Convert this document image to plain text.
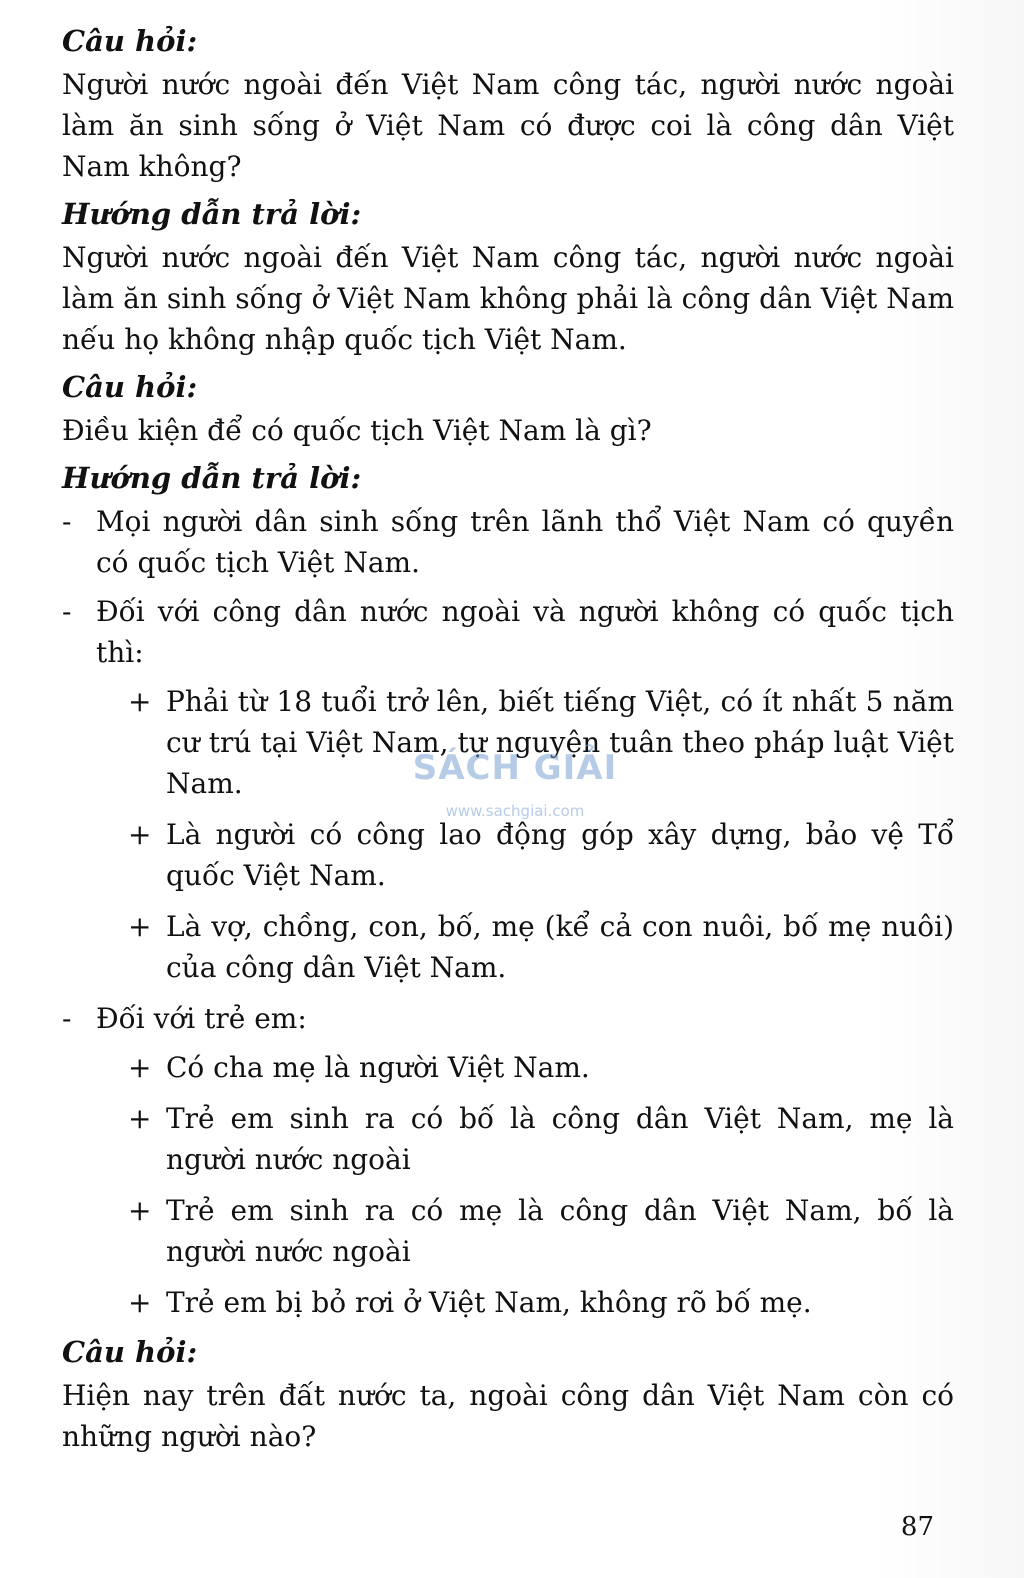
Câu hỏi:
Người nước ngoài đến Việt Nam công tác, người nước ngoài làm ăn sinh sống ở Việt Nam có được coi là công dân Việt Nam không?
Hướng dẫn trả lời:
Người nước ngoài đến Việt Nam công tác, người nước ngoài làm ăn sinh sống ở Việt Nam không phải là công dân Việt Nam nếu họ không nhập quốc tịch Việt Nam.
Câu hỏi:
Điều kiện để có quốc tịch Việt Nam là gì?
Hướng dẫn trả lời:
- Mọi người dân sinh sống trên lãnh thổ Việt Nam có quyền có quốc tịch Việt Nam.
- Đối với công dân nước ngoài và người không có quốc tịch thì:
+ Phải từ 18 tuổi trở lên, biết tiếng Việt, có ít nhất 5 năm cư trú tại Việt Nam, tự nguyện tuân theo pháp luật Việt Nam.
+ Là người có công lao động góp xây dựng, bảo vệ Tổ quốc Việt Nam.
+ Là vợ, chồng, con, bố, mẹ (kể cả con nuôi, bố mẹ nuôi) của công dân Việt Nam.
- Đối với trẻ em:
+ Có cha mẹ là người Việt Nam.
+ Trẻ em sinh ra có bố là công dân Việt Nam, mẹ là người nước ngoài
+ Trẻ em sinh ra có mẹ là công dân Việt Nam, bố là người nước ngoài
+ Trẻ em bị bỏ rơi ở Việt Nam, không rõ bố mẹ.
Câu hỏi:
Hiện nay trên đất nước ta, ngoài công dân Việt Nam còn có những người nào?
SÁCH GIẢI
www.sachgiai.com
87
